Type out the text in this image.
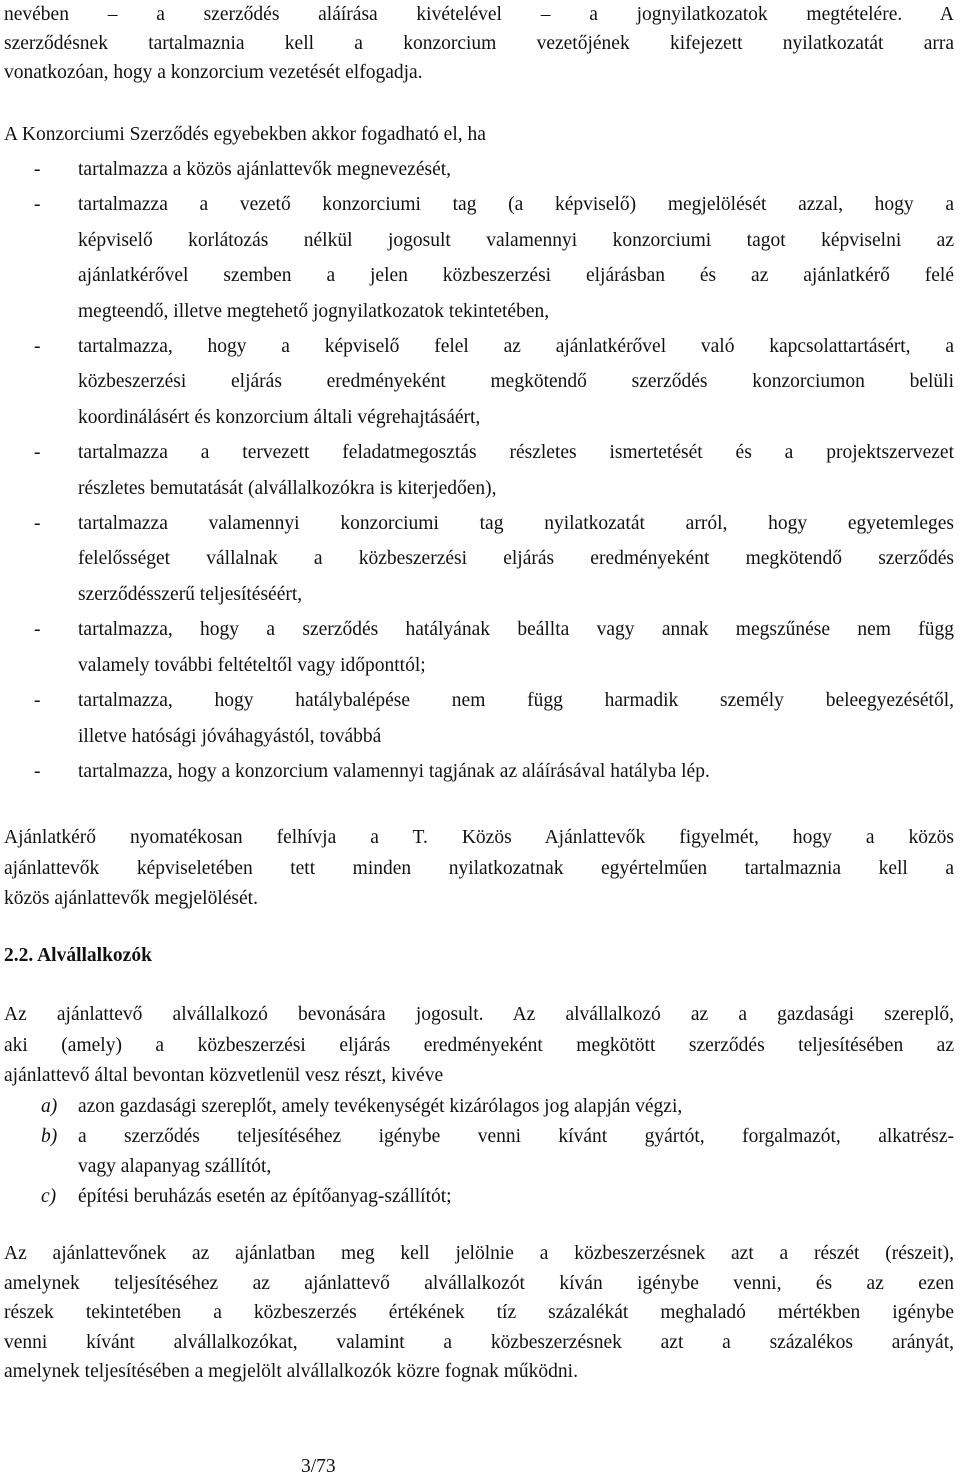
nevében – a szerződés aláírása kivételével – a jognyilatkozatok megtételére. A
szerződésnek tartalmaznia kell a konzorcium vezetőjének kifejezett nyilatkozatát arra
vonatkozóan, hogy a konzorcium vezetését elfogadja.

A Konzorciumi Szerződés egyebekben akkor fogadható el, ha

- tartalmazza a közös ajánlattevők megnevezését,
- tartalmazza a vezető konzorciumi tag (a képviselő) megjelölését azzal, hogy a
képviselő korlátozás nélkül jogosult valamennyi konzorciumi tagot képviselni az
ajánlatkérővel szemben a jelen közbeszerzési eljárásban és az ajánlatkérő felé
megteendő, illetve megtehető jognyilatkozatok tekintetében,
- tartalmazza, hogy a képviselő felel az ajánlatkérővel való kapcsolattartásért, a
közbeszerzési eljárás eredményeként megkötendő szerződés konzorciumon belüli
koordinálásért és konzorcium általi végrehajtásáért,
- tartalmazza a tervezett feladatmegosztás részletes ismertetését és a projektszervezet
részletes bemutatását (alvállalkozókra is kiterjedően),
- tartalmazza valamennyi konzorciumi tag nyilatkozatát arról, hogy egyetemleges
felelősséget vállalnak a közbeszerzési eljárás eredményeként megkötendő szerződés
szerződésszerű teljesítéséért,
- tartalmazza, hogy a szerződés hatályának beállta vagy annak megszűnése nem függ
valamely további feltételtől vagy időponttól;
- tartalmazza, hogy hatálybalépése nem függ harmadik személy beleegyezésétől,
illetve hatósági jóváhagyástól, továbbá
- tartalmazza, hogy a konzorcium valamennyi tagjának az aláírásával hatályba lép.

Ajánlatkérő nyomatékosan felhívja a T. Közös Ajánlattevők figyelmét, hogy a közös
ajánlattevők képviseletében tett minden nyilatkozatnak egyértelműen tartalmaznia kell a
közös ajánlattevők megjelölését.

2.2. Alvállalkozók

Az ajánlattevő alvállalkozó bevonására jogosult. Az alvállalkozó az a gazdasági szereplő,
aki (amely) a közbeszerzési eljárás eredményeként megkötött szerződés teljesítésében az
ajánlattevő által bevontan közvetlenül vesz részt, kivéve

a) azon gazdasági szereplőt, amely tevékenységét kizárólagos jog alapján végzi,
b) a szerződés teljesítéséhez igénybe venni kívánt gyártót, forgalmazót, alkatrész-
vagy alapanyag szállítót,
c) építési beruházás esetén az építőanyag-szállítót;

Az ajánlattevőnek az ajánlatban meg kell jelölnie a közbeszerzésnek azt a részét (részeit),
amelynek teljesítéséhez az ajánlattevő alvállalkozót kíván igénybe venni, és az ezen
részek tekintetében a közbeszerzés értékének tíz százalékát meghaladó mértékben igénybe
venni kívánt alvállalkozókat, valamint a közbeszerzésnek azt a százalékos arányát,
amelynek teljesítésében a megjelölt alvállalkozók közre fognak működni.

3/73
